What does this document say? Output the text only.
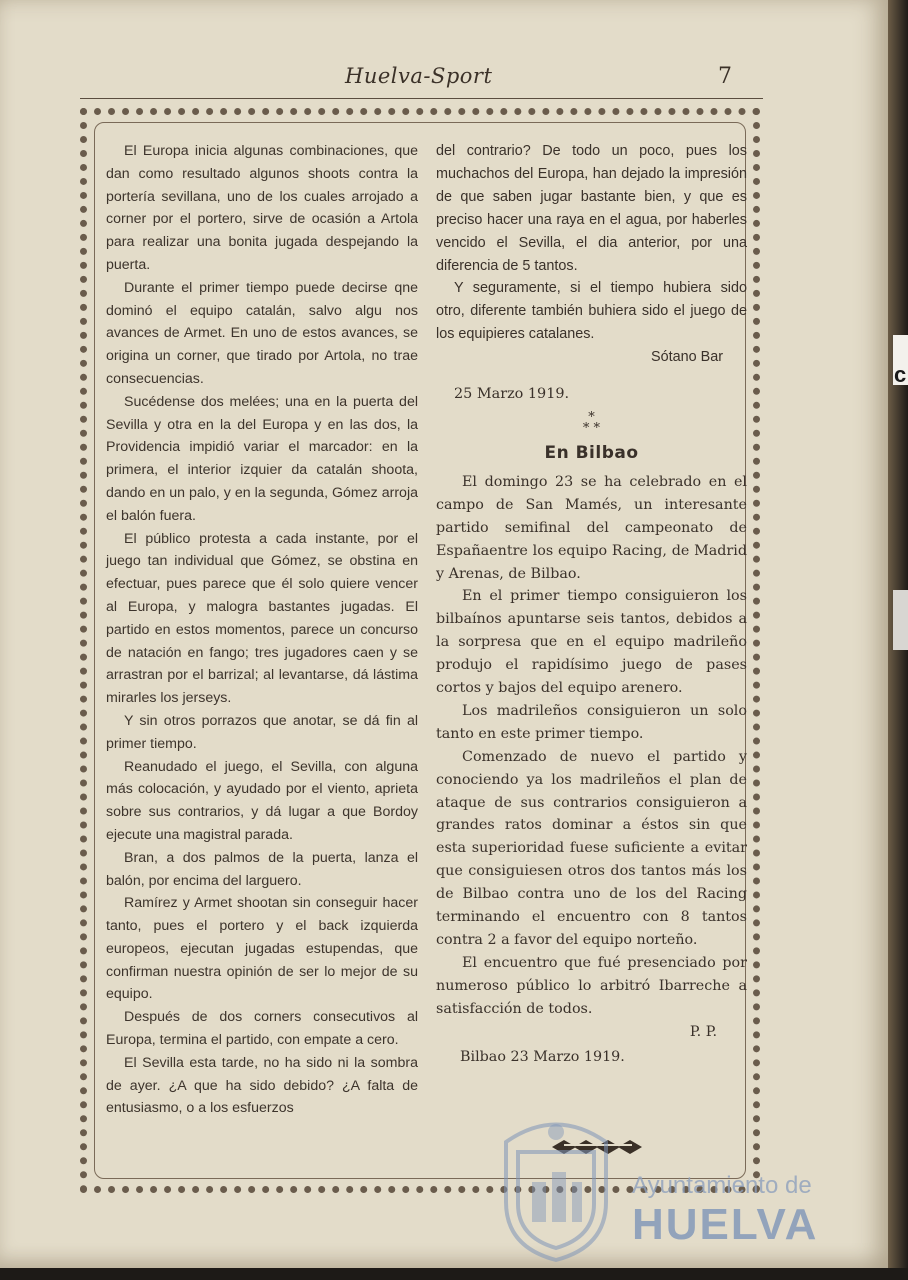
c
Huelva-Sport	7

El Europa inicia algunas combinaciones, que dan como resultado algunos shoots contra la portería sevillana, uno de los cuales arrojado a corner por el portero, sirve de ocasión a Artola para realizar una bonita jugada despejando la puerta.

Durante el primer tiempo puede decirse qne dominó el equipo catalán, salvo algu nos avances de Armet. En uno de estos avances, se origina un corner, que tirado por Artola, no trae consecuencias.

Sucédense dos melées; una en la puerta del Sevilla y otra en la del Europa y en las dos, la Providencia impidió variar el marcador: en la primera, el interior izquier da catalán shoota, dando en un palo, y en la segunda, Gómez arroja el balón fuera.

El público protesta a cada instante, por el juego tan individual que Gómez, se obstina en efectuar, pues parece que él solo quiere vencer al Europa, y malogra bastantes jugadas. El partido en estos momentos, parece un concurso de natación en fango; tres jugadores caen y se arrastran por el barrizal; al levantarse, dá lástima mirarles los jerseys.

Y sin otros porrazos que anotar, se dá fin al primer tiempo.

Reanudado el juego, el Sevilla, con alguna más colocación, y ayudado por el viento, aprieta sobre sus contrarios, y dá lugar a que Bordoy ejecute una magistral parada.

Bran, a dos palmos de la puerta, lanza el balón, por encima del larguero.

Ramírez y Armet shootan sin conseguir hacer tanto, pues el portero y el back izquierda europeos, ejecutan jugadas estupendas, que confirman nuestra opinión de ser lo mejor de su equipo.

Después de dos corners consecutivos al Europa, termina el partido, con empate a cero.

El Sevilla esta tarde, no ha sido ni la sombra de ayer. ¿A que ha sido debido? ¿A falta de entusiasmo, o a los esfuerzos

del contrario? De todo un poco, pues los muchachos del Europa, han dejado la impresión de que saben jugar bastante bien, y que es preciso hacer una raya en el agua, por haberles vencido el Sevilla, el dia anterior, por una diferencia de 5 tantos.

Y seguramente, si el tiempo hubiera sido otro, diferente también buhiera sido el juego de los equipieres catalanes.

Sótano Bar

25 Marzo 1919.

*
* *

En Bilbao

El domingo 23 se ha celebrado en el campo de San Mamés, un interesante partido semifinal del campeonato de Españaentre los equipo Racing, de Madrid y Arenas, de Bilbao.

En el primer tiempo consiguieron los bilbaínos apuntarse seis tantos, debidos a la sorpresa que en el equipo madrileño produjo el rapidísimo juego de pases cortos y bajos del equipo arenero.

Los madrileños consiguieron un solo tanto en este primer tiempo.

Comenzado de nuevo el partido y conociendo ya los madrileños el plan de ataque de sus contrarios consiguieron a grandes ratos dominar a éstos sin que esta superioridad fuese suficiente a evitar que consiguiesen otros dos tantos más los de Bilbao contra uno de los del Racing terminando el encuentro con 8 tantos contra 2 a favor del equipo norteño.

El encuentro que fué presenciado por numeroso público lo arbitró Ibarreche a satisfacción de todos.

P. P.

Bilbao 23 Marzo 1919.

Ayuntamiento de
HUELVA
